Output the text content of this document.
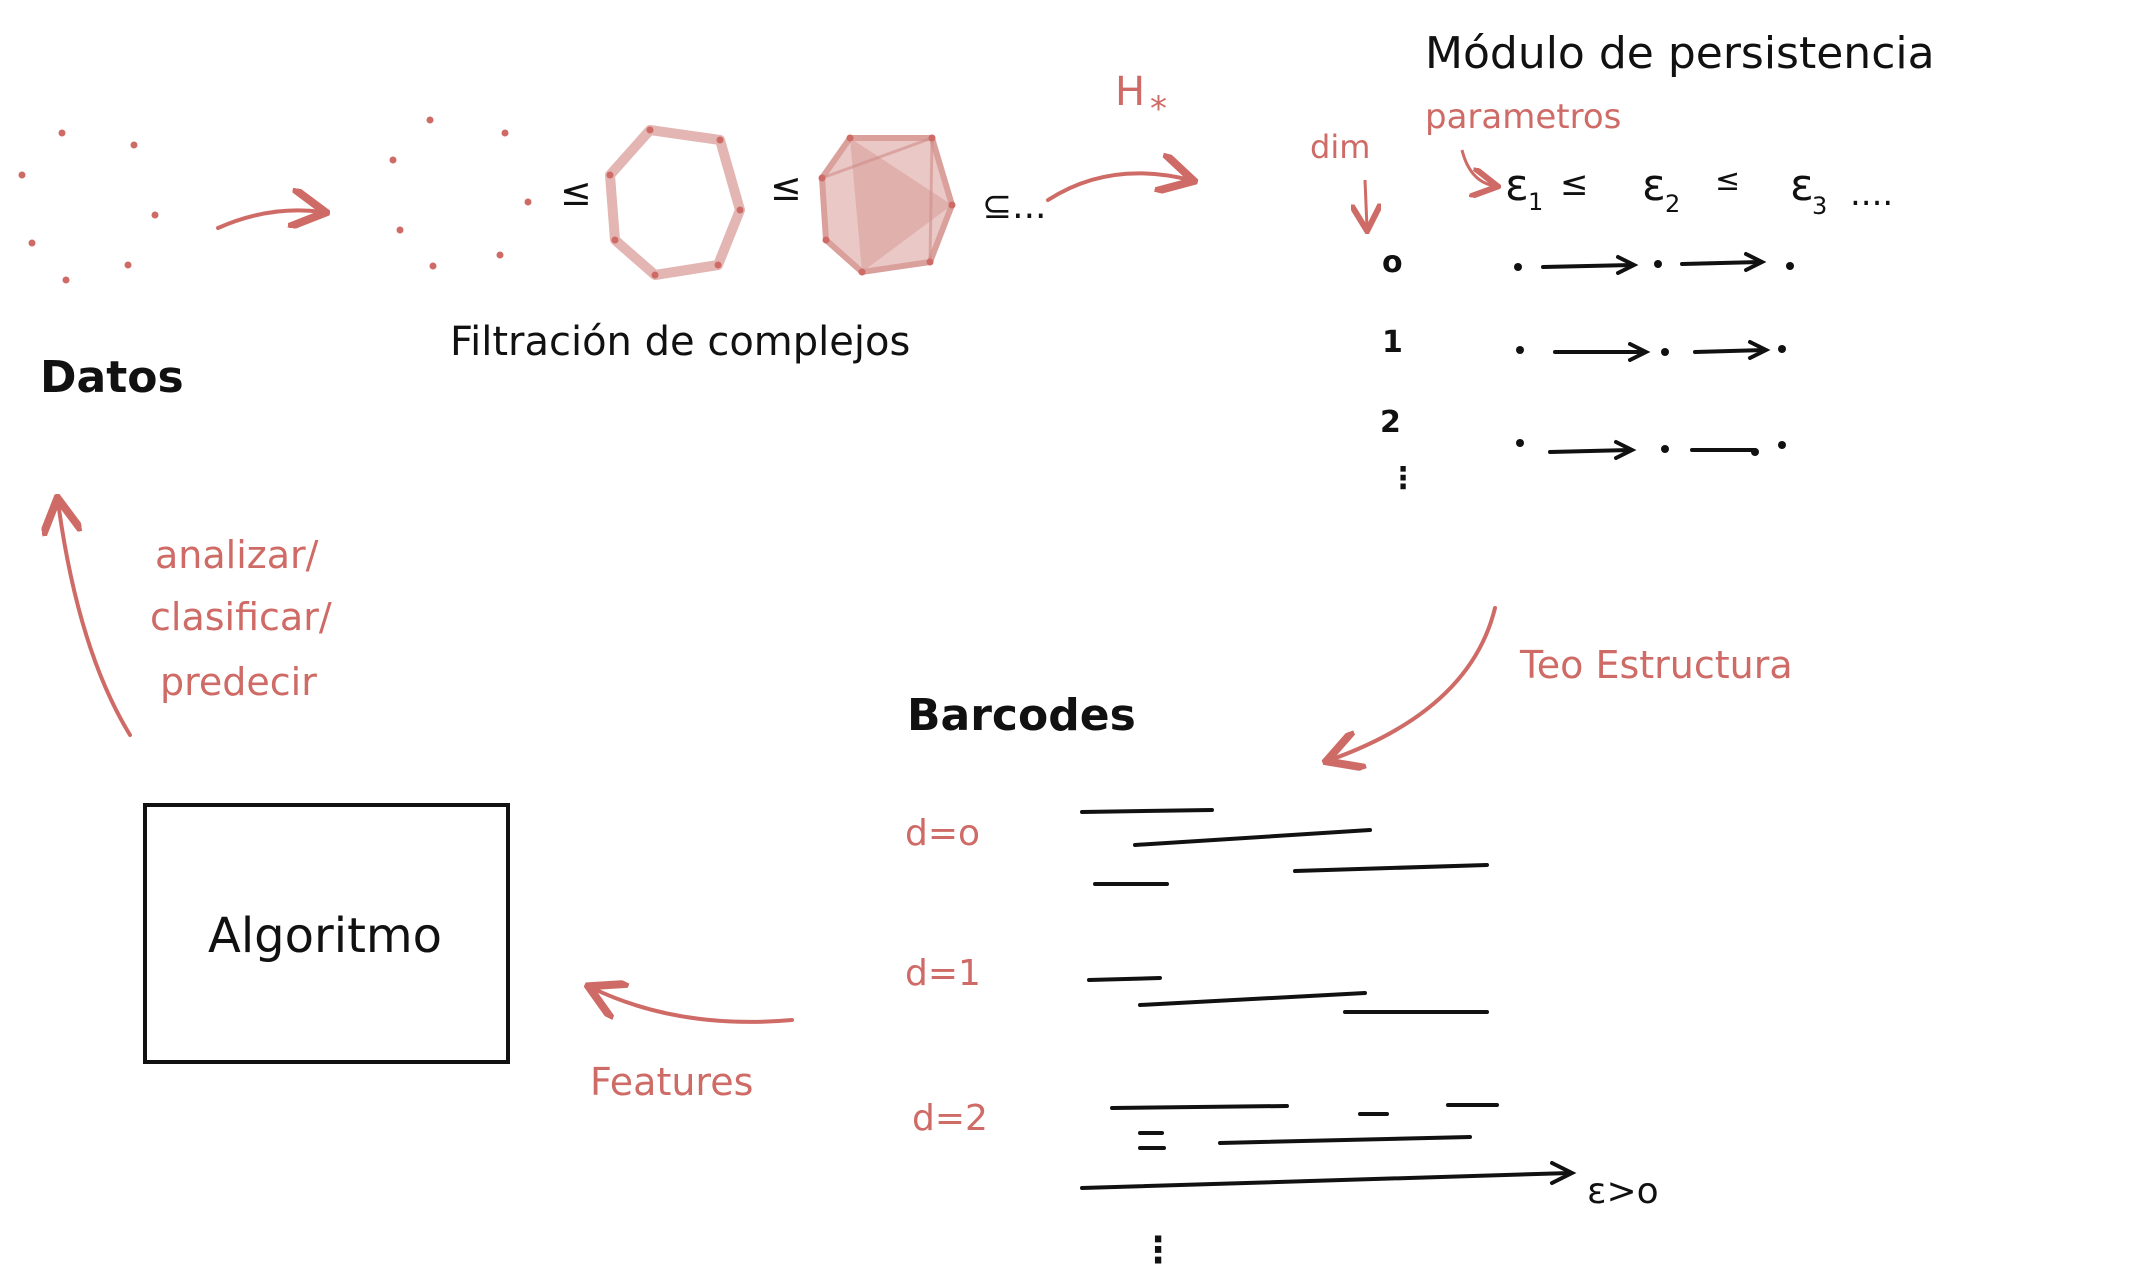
Datos
≤	≤	⊆...
Filtración de complejos
H *
Módulo de persistencia
parametros
dim
ε 1 ≤ ε 2
≤ ε
3 ....
o
1
2
⋮
Teo Estructura
Barcodes
d=o
d=1
d=2
ε>o
⋮
Features
Algoritmo
analizar/
clasificar/
predecir
